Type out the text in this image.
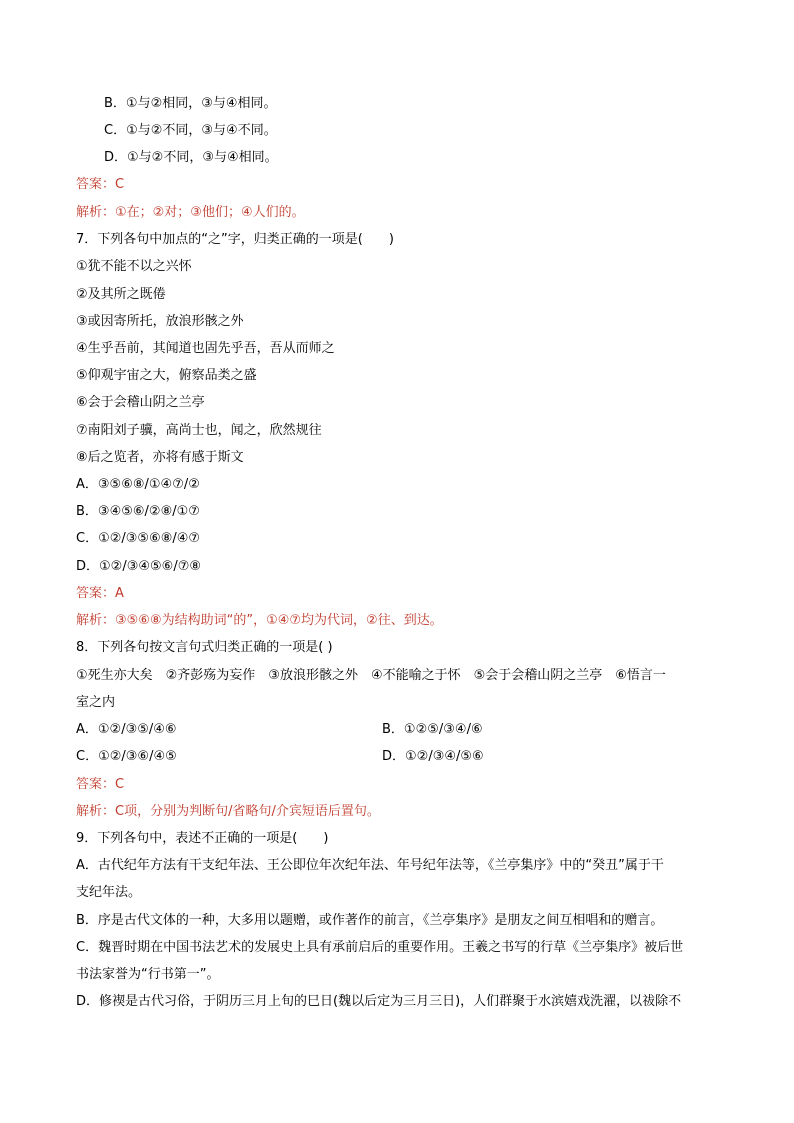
B．①与②相同，③与④相同。
C．①与②不同，③与④不同。
D．①与②不同，③与④相同。
答案：C
解析：①在；②对；③他们；④人们的。
7．下列各句中加点的“之”字，归类正确的一项是(　　)
①犹不能不以之兴怀
②及其所之既倦
③或因寄所托，放浪形骸之外
④生乎吾前，其闻道也固先乎吾，吾从而师之
⑤仰观宇宙之大，俯察品类之盛
⑥会于会稽山阴之兰亭
⑦南阳刘子骥，高尚士也，闻之，欣然规往
⑧后之览者，亦将有感于斯文
A．③⑤⑥⑧/①④⑦/②
B．③④⑤⑥/②⑧/①⑦
C．①②/③⑤⑥⑧/④⑦
D．①②/③④⑤⑥/⑦⑧
答案：A
解析：③⑤⑥⑧为结构助词“的”，①④⑦均为代词，②往、到达。
8．下列各句按文言句式归类正确的一项是( )
①死生亦大矣　②齐彭殇为妄作　③放浪形骸之外　④不能喻之于怀　⑤会于会稽山阴之兰亭　⑥悟言一
室之内
A．①②/③⑤/④⑥	B．①②⑤/③④/⑥
C．①②/③⑥/④⑤	D．①②/③④/⑤⑥
答案：C
解析：C项，分别为判断句/省略句/介宾短语后置句。
9．下列各句中，表述不正确的一项是(　　)
A．古代纪年方法有干支纪年法、王公即位年次纪年法、年号纪年法等，《兰亭集序》中的“癸丑”属于干
支纪年法。
B．序是古代文体的一种，大多用以题赠，或作著作的前言，《兰亭集序》是朋友之间互相唱和的赠言。
C．魏晋时期在中国书法艺术的发展史上具有承前启后的重要作用。王羲之书写的行草《兰亭集序》被后世
书法家誉为“行书第一”。
D．修禊是古代习俗，于阴历三月上旬的巳日(魏以后定为三月三日)，人们群聚于水滨嬉戏洗濯，以祓除不
